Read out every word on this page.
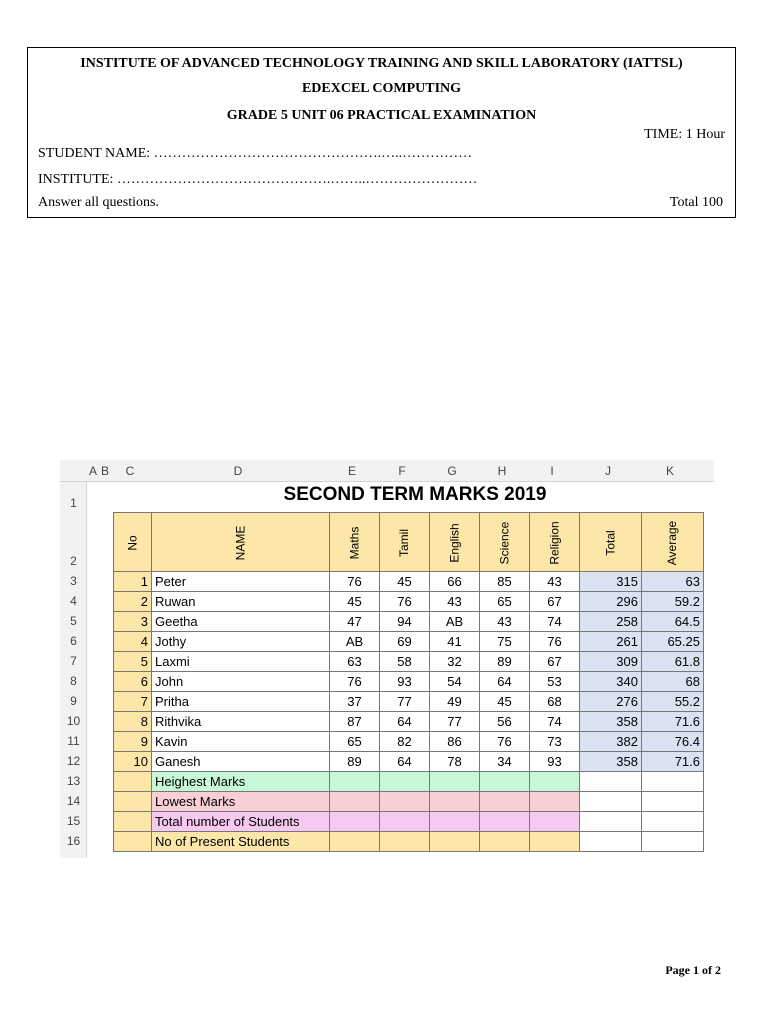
INSTITUTE OF ADVANCED TECHNOLOGY TRAINING AND SKILL LABORATORY (IATTSL)
EDEXCEL COMPUTING
GRADE 5 UNIT 06 PRACTICAL EXAMINATION
TIME: 1 Hour
STUDENT NAME: ………………………………………….…..……………
INSTITUTE: ……………………………………….……..……………………
Answer all questions.	Total 100
A B	C	D	E	F	G	H	I	J	K
1
2
3
4
5
6
7
8
9
10
11
12
13
14
15
16
SECOND TERM MARKS 2019
No	NAME	Maths	Tamil	English	Science	Religion	Total	Average
1	Peter	76	45	66	85	43	315	63
2	Ruwan	45	76	43	65	67	296	59.2
3	Geetha	47	94	AB	43	74	258	64.5
4	Jothy	AB	69	41	75	76	261	65.25
5	Laxmi	63	58	32	89	67	309	61.8
6	John	76	93	54	64	53	340	68
7	Pritha	37	77	49	45	68	276	55.2
8	Rithvika	87	64	77	56	74	358	71.6
9	Kavin	65	82	86	76	73	382	76.4
10	Ganesh	89	64	78	34	93	358	71.6
	Heighest Marks							
	Lowest Marks							
	Total number of Students							
	No of Present Students							
Page 1 of 2
